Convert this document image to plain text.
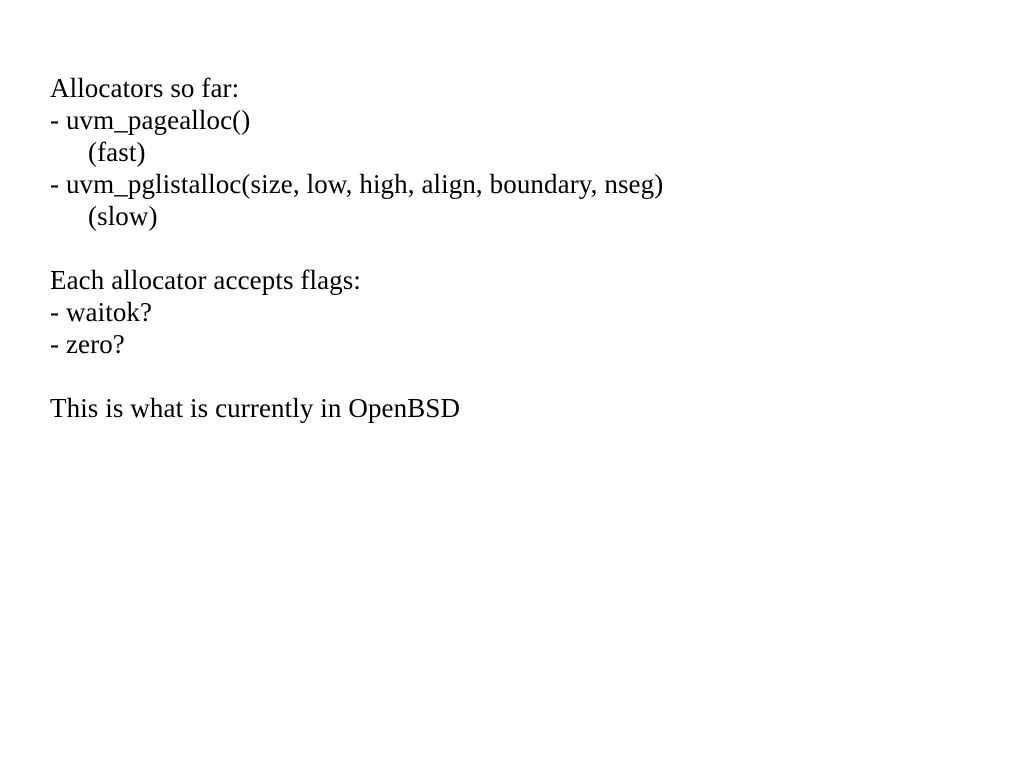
Allocators so far:
- uvm_pagealloc()
(fast)
- uvm_pglistalloc(size, low, high, align, boundary, nseg)
(slow)
Each allocator accepts flags:
- waitok?
- zero?
This is what is currently in OpenBSD
